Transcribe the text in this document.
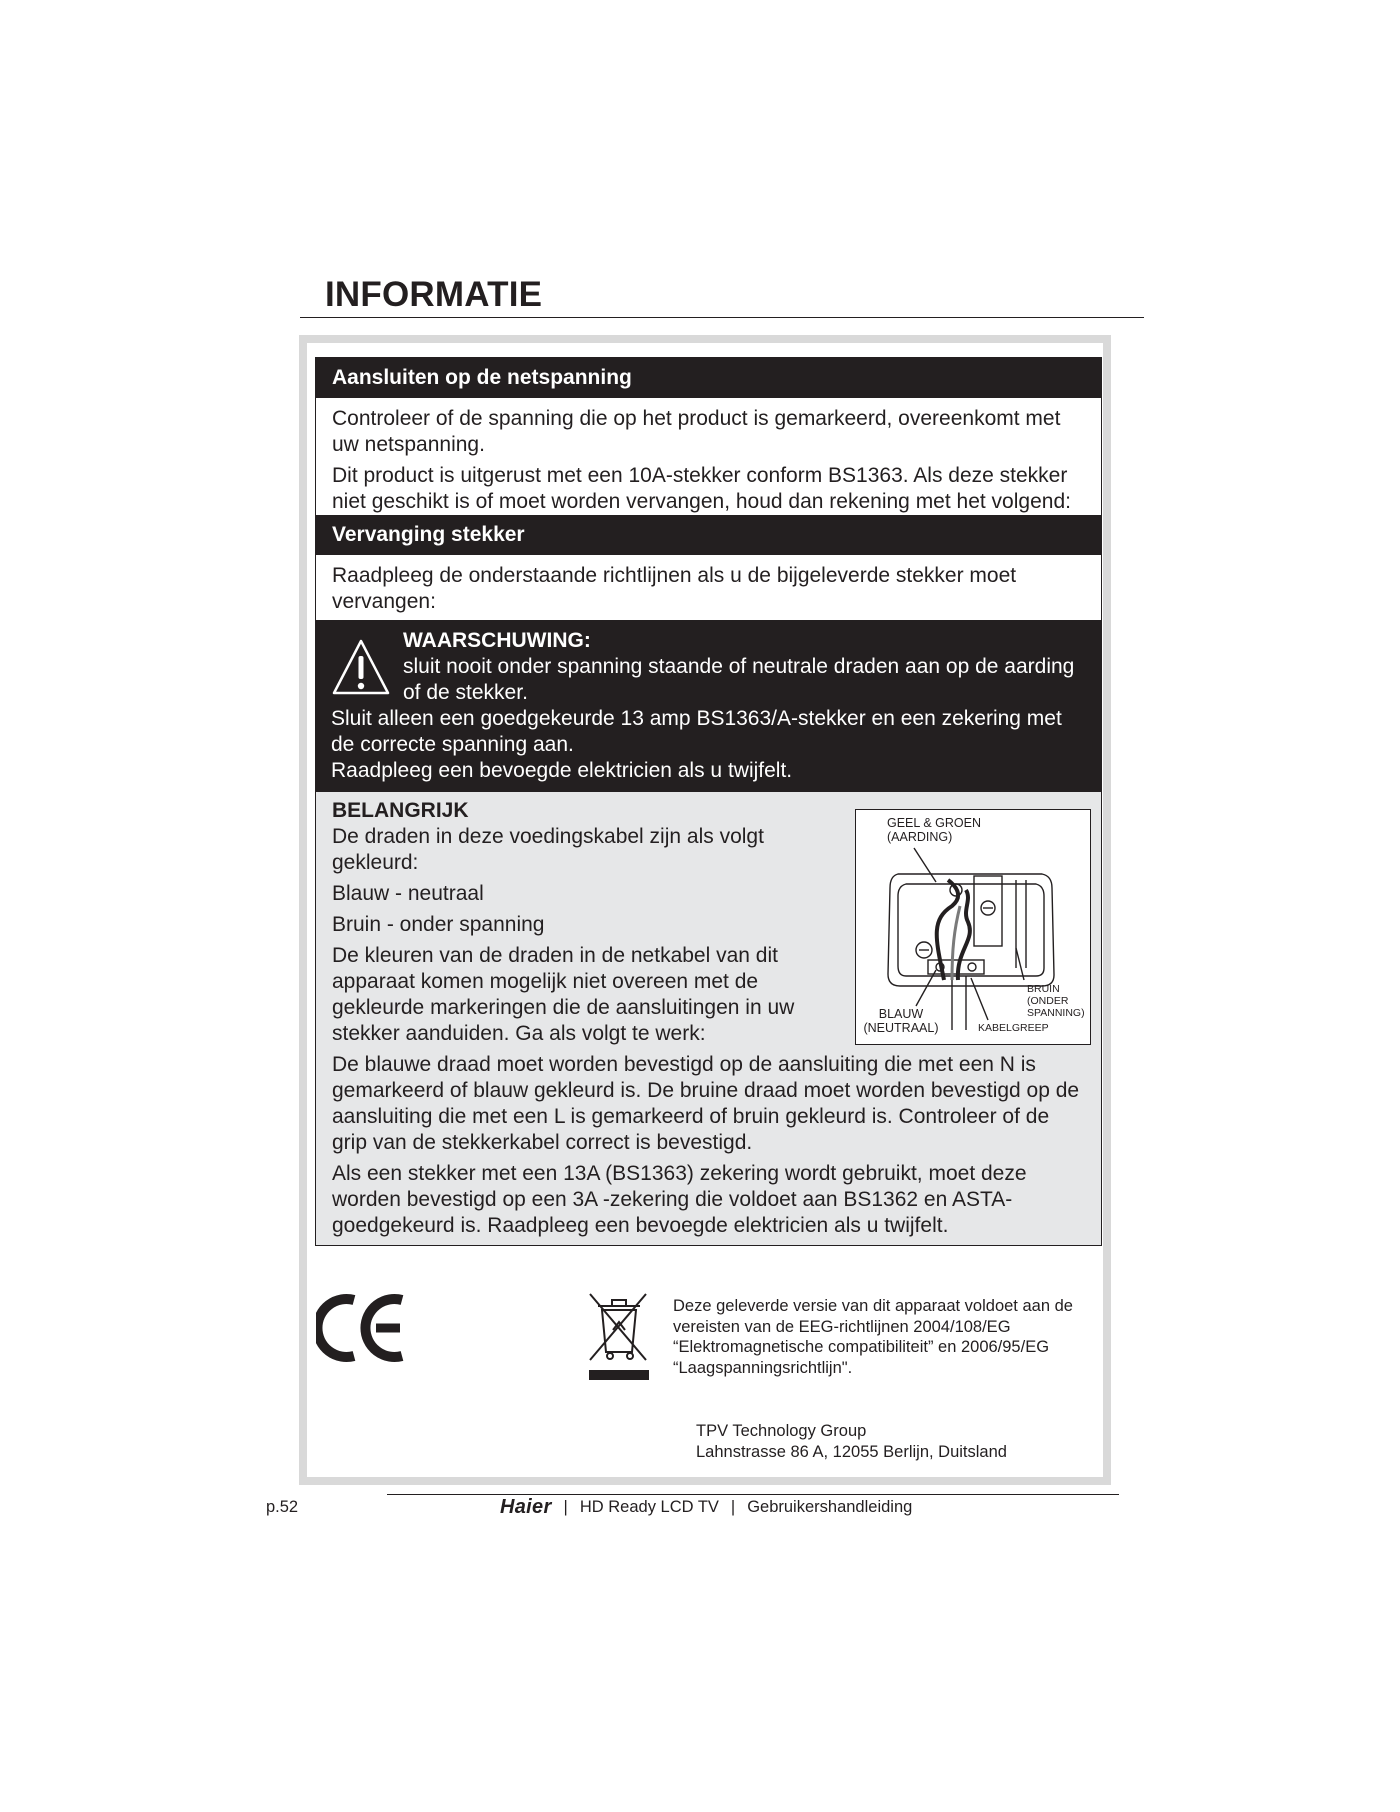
INFORMATIE
Aansluiten op de netspanning

Controleer of de spanning die op het product is gemarkeerd, overeenkomt met uw netspanning.

Dit product is uitgerust met een 10A-stekker conform BS1363. Als deze stekker niet geschikt is of moet worden vervangen, houd dan rekening met het volgend:

Vervanging stekker

Raadpleeg de onderstaande richtlijnen als u de bijgeleverde stekker moet vervangen:

WAARSCHUWING:
sluit nooit onder spanning staande of neutrale draden aan op de aarding of de stekker.
Sluit alleen een goedgekeurde 13 amp BS1363/A-stekker en een zekering met de correcte spanning aan.
Raadpleeg een bevoegde elektricien als u twijfelt.
BELANGRIJK

De draden in deze voedingskabel zijn als volgt gekleurd:

Blauw - neutraal

Bruin - onder spanning

De kleuren van de draden in de netkabel van dit apparaat komen mogelijk niet overeen met de gekleurde markeringen die de aansluitingen in uw stekker aanduiden. Ga als volgt te werk:

De blauwe draad moet worden bevestigd op de aansluiting die met een N is gemarkeerd of blauw gekleurd is. De bruine draad moet worden bevestigd op de aansluiting die met een L is gemarkeerd of bruin gekleurd is. Controleer of de grip van de stekkerkabel correct is bevestigd.

Als een stekker met een 13A (BS1363) zekering wordt gebruikt, moet deze worden bevestigd op een 3A -zekering die voldoet aan BS1362 en ASTA-goedgekeurd is. Raadpleeg een bevoegde elektricien als u twijfelt.

GEEL & GROEN
(AARDING)
BRUIN
(ONDER
SPANNING)
BLAUW
(NEUTRAAL)	KABELGREEP
Deze geleverde versie van dit apparaat voldoet aan de vereisten van de EEG-richtlijnen 2004/108/EG “Elektromagnetische compatibiliteit” en 2006/95/EG “Laagspanningsrichtlijn".
TPV Technology Group
Lahnstrasse 86 A, 12055 Berlijn, Duitsland
p.52	Haier | HD Ready LCD TV | Gebruikershandleiding
